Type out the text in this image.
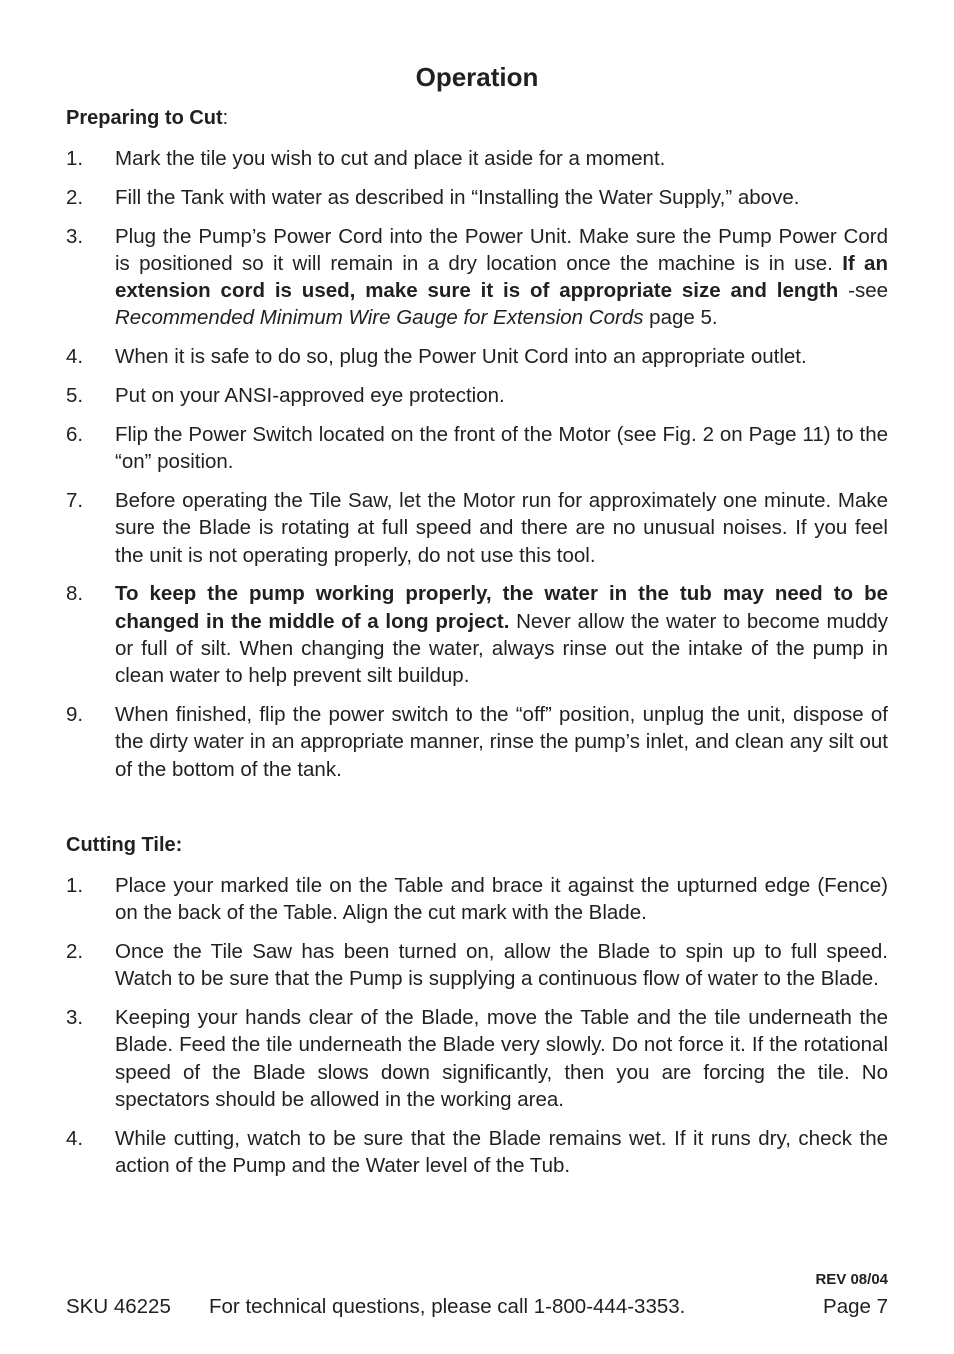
Operation
Preparing to Cut:
1. Mark the tile you wish to cut and place it aside for a moment.
2. Fill the Tank with water as described in “Installing the Water Supply,” above.
3. Plug the Pump’s Power Cord into the Power Unit. Make sure the Pump Power Cord is positioned so it will remain in a dry location once the machine is in use. If an extension cord is used, make sure it is of appropriate size and length -see Recommended Minimum Wire Gauge for Extension Cords page 5.
4. When it is safe to do so, plug the Power Unit Cord into an appropriate outlet.
5. Put on your ANSI-approved eye protection.
6. Flip the Power Switch located on the front of the Motor (see Fig. 2 on Page 11) to the “on” position.
7. Before operating the Tile Saw, let the Motor run for approximately one minute. Make sure the Blade is rotating at full speed and there are no unusual noises. If you feel the unit is not operating properly, do not use this tool.
8. To keep the pump working properly, the water in the tub may need to be changed in the middle of a long project. Never allow the water to become muddy or full of silt. When changing the water, always rinse out the intake of the pump in clean water to help prevent silt buildup.
9. When finished, flip the power switch to the “off” position, unplug the unit, dispose of the dirty water in an appropriate manner, rinse the pump’s inlet, and clean any silt out of the bottom of the tank.
Cutting Tile:
1. Place your marked tile on the Table and brace it against the upturned edge (Fence) on the back of the Table. Align the cut mark with the Blade.
2. Once the Tile Saw has been turned on, allow the Blade to spin up to full speed. Watch to be sure that the Pump is supplying a continuous flow of water to the Blade.
3. Keeping your hands clear of the Blade, move the Table and the tile underneath the Blade. Feed the tile underneath the Blade very slowly. Do not force it. If the rotational speed of the Blade slows down significantly, then you are forcing the tile. No spectators should be allowed in the working area.
4. While cutting, watch to be sure that the Blade remains wet. If it runs dry, check the action of the Pump and the Water level of the Tub.
REV 08/04
SKU 46225 For technical questions, please call 1-800-444-3353.	Page 7
